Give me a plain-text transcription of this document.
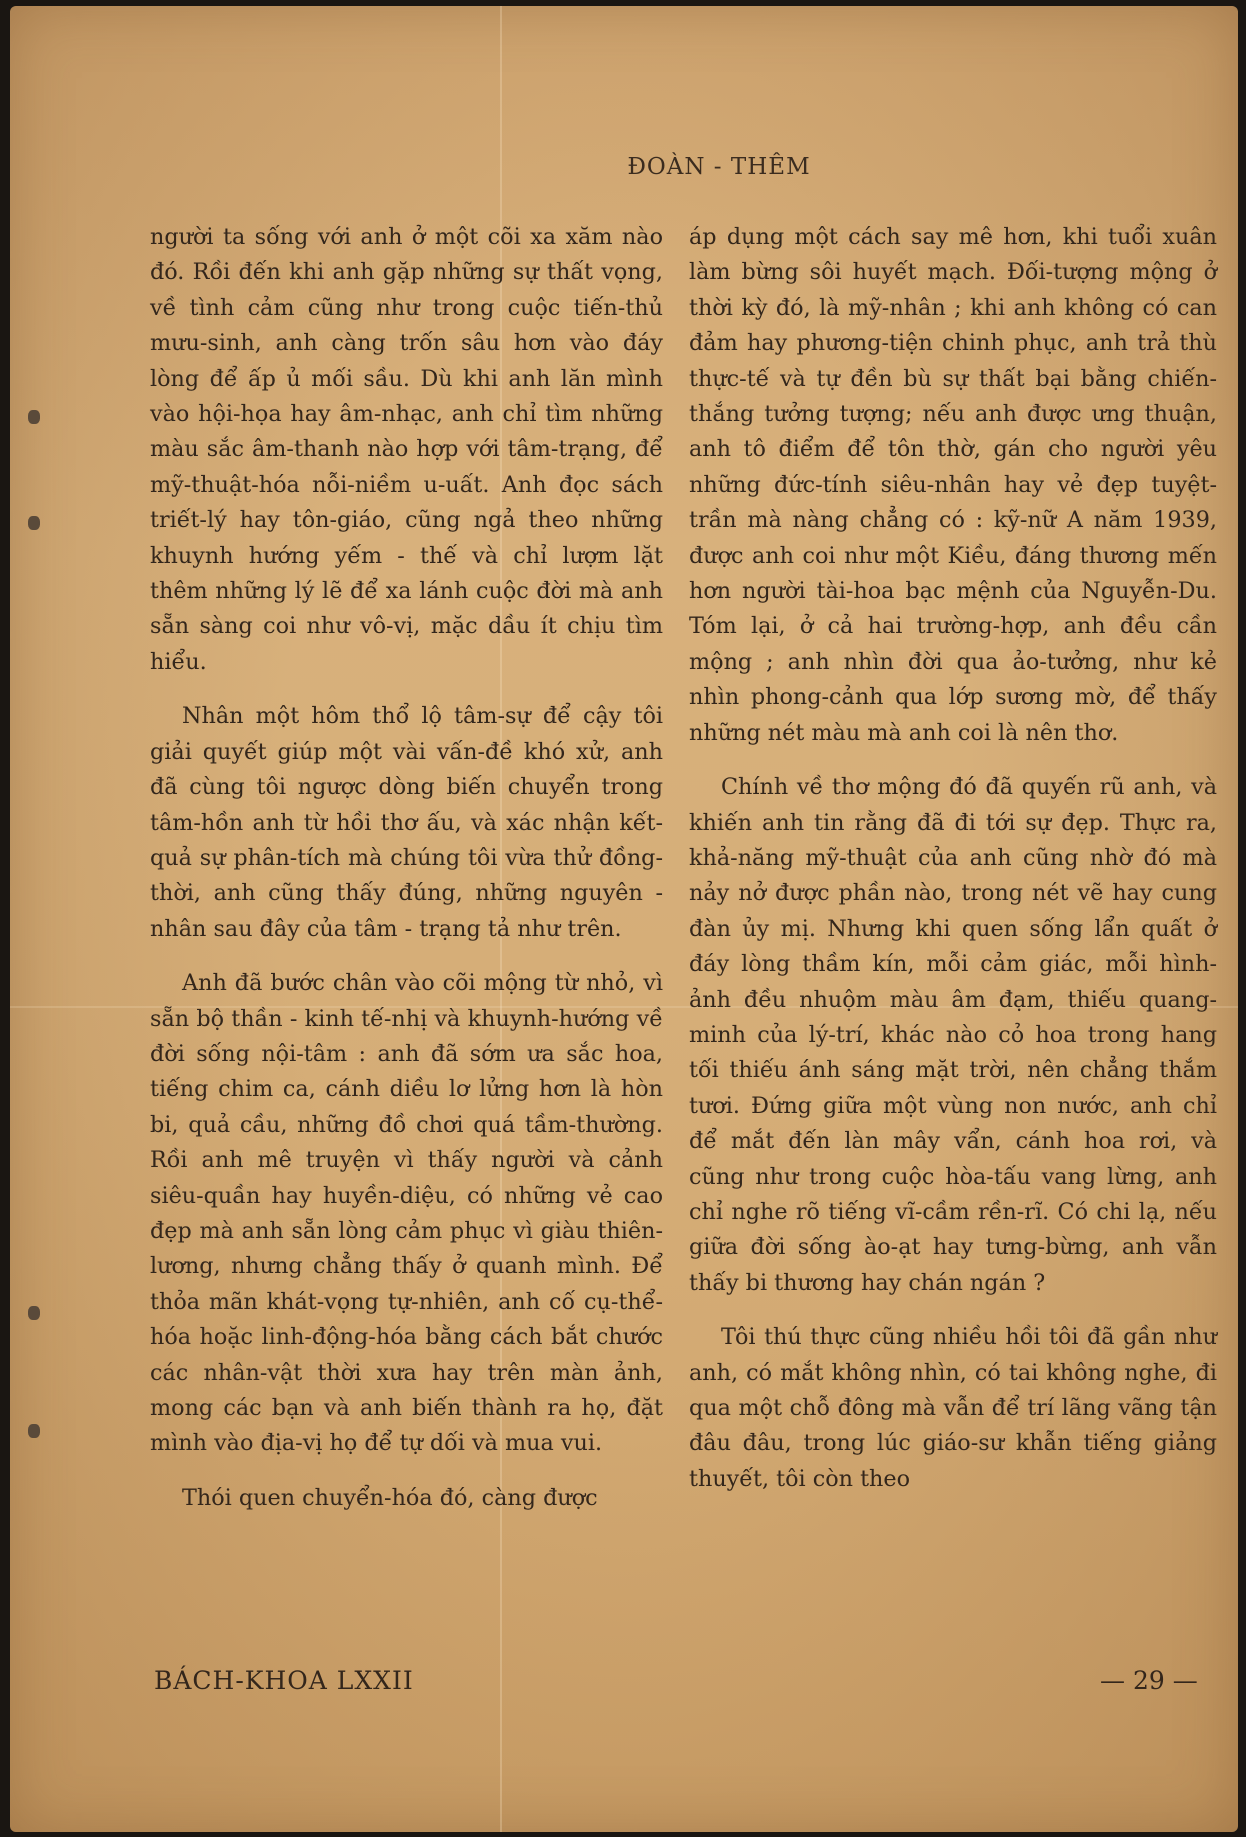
ĐOÀN - THÊM

người ta sống với anh ở một cõi xa xăm nào đó. Rồi đến khi anh gặp những sự thất vọng, về tình cảm cũng như trong cuộc tiến-thủ mưu-sinh, anh càng trốn sâu hơn vào đáy lòng để ấp ủ mối sầu. Dù khi anh lăn mình vào hội-họa hay âm-nhạc, anh chỉ tìm những màu sắc âm-thanh nào hợp với tâm-trạng, để mỹ-thuật-hóa nỗi-niềm u-uất. Anh đọc sách triết-lý hay tôn-giáo, cũng ngả theo những khuynh hướng yếm - thế và chỉ lượm lặt thêm những lý lẽ để xa lánh cuộc đời mà anh sẵn sàng coi như vô-vị, mặc dầu ít chịu tìm hiểu.

Nhân một hôm thổ lộ tâm-sự để cậy tôi giải quyết giúp một vài vấn-đề khó xử, anh đã cùng tôi ngược dòng biến chuyển trong tâm-hồn anh từ hồi thơ ấu, và xác nhận kết-quả sự phân-tích mà chúng tôi vừa thử đồng-thời, anh cũng thấy đúng, những nguyên - nhân sau đây của tâm - trạng tả như trên.

Anh đã bước chân vào cõi mộng từ nhỏ, vì sẵn bộ thần - kinh tế-nhị và khuynh-hướng về đời sống nội-tâm : anh đã sớm ưa sắc hoa, tiếng chim ca, cánh diều lơ lửng hơn là hòn bi, quả cầu, những đồ chơi quá tầm-thường. Rồi anh mê truyện vì thấy người và cảnh siêu-quần hay huyền-diệu, có những vẻ cao đẹp mà anh sẵn lòng cảm phục vì giàu thiên-lương, nhưng chẳng thấy ở quanh mình. Để thỏa mãn khát-vọng tự-nhiên, anh cố cụ-thể-hóa hoặc linh-động-hóa bằng cách bắt chước các nhân-vật thời xưa hay trên màn ảnh, mong các bạn và anh biến thành ra họ, đặt mình vào địa-vị họ để tự dối và mua vui.

Thói quen chuyển-hóa đó, càng được

áp dụng một cách say mê hơn, khi tuổi xuân làm bừng sôi huyết mạch. Đối-tượng mộng ở thời kỳ đó, là mỹ-nhân ; khi anh không có can đảm hay phương-tiện chinh phục, anh trả thù thực-tế và tự đền bù sự thất bại bằng chiến-thắng tưởng tượng; nếu anh được ưng thuận, anh tô điểm để tôn thờ, gán cho người yêu những đức-tính siêu-nhân hay vẻ đẹp tuyệt-trần mà nàng chẳng có : kỹ-nữ A năm 1939, được anh coi như một Kiều, đáng thương mến hơn người tài-hoa bạc mệnh của Nguyễn-Du. Tóm lại, ở cả hai trường-hợp, anh đều cần mộng ; anh nhìn đời qua ảo-tưởng, như kẻ nhìn phong-cảnh qua lớp sương mờ, để thấy những nét màu mà anh coi là nên thơ.

Chính về thơ mộng đó đã quyến rũ anh, và khiến anh tin rằng đã đi tới sự đẹp. Thực ra, khả-năng mỹ-thuật của anh cũng nhờ đó mà nảy nở được phần nào, trong nét vẽ hay cung đàn ủy mị. Nhưng khi quen sống lẩn quất ở đáy lòng thầm kín, mỗi cảm giác, mỗi hình-ảnh đều nhuộm màu âm đạm, thiếu quang-minh của lý-trí, khác nào cỏ hoa trong hang tối thiếu ánh sáng mặt trời, nên chẳng thắm tươi. Đứng giữa một vùng non nước, anh chỉ để mắt đến làn mây vẩn, cánh hoa rơi, và cũng như trong cuộc hòa-tấu vang lừng, anh chỉ nghe rõ tiếng vĩ-cầm rền-rĩ. Có chi lạ, nếu giữa đời sống ào-ạt hay tưng-bừng, anh vẫn thấy bi thương hay chán ngán ?

Tôi thú thực cũng nhiều hồi tôi đã gần như anh, có mắt không nhìn, có tai không nghe, đi qua một chỗ đông mà vẫn để trí lãng vãng tận đâu đâu, trong lúc giáo-sư khẫn tiếng giảng thuyết, tôi còn theo

BÁCH-KHOA LXXII	— 29 —
